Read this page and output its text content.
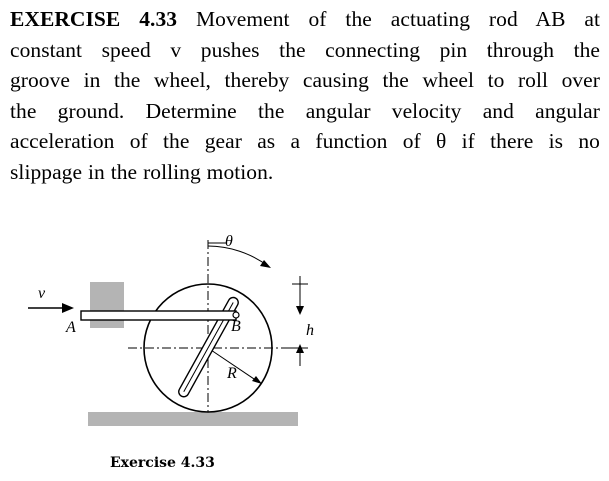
EXERCISE 4.33 Movement of the actuating rod AB at
constant speed v pushes the connecting pin through the
groove in the wheel, thereby causing the wheel to roll over
the ground. Determine the angular velocity and angular
acceleration of the gear as a function of θ if there is no
slippage in the rolling motion.
θ
v
A	B	h
R
Exercise 4.33
